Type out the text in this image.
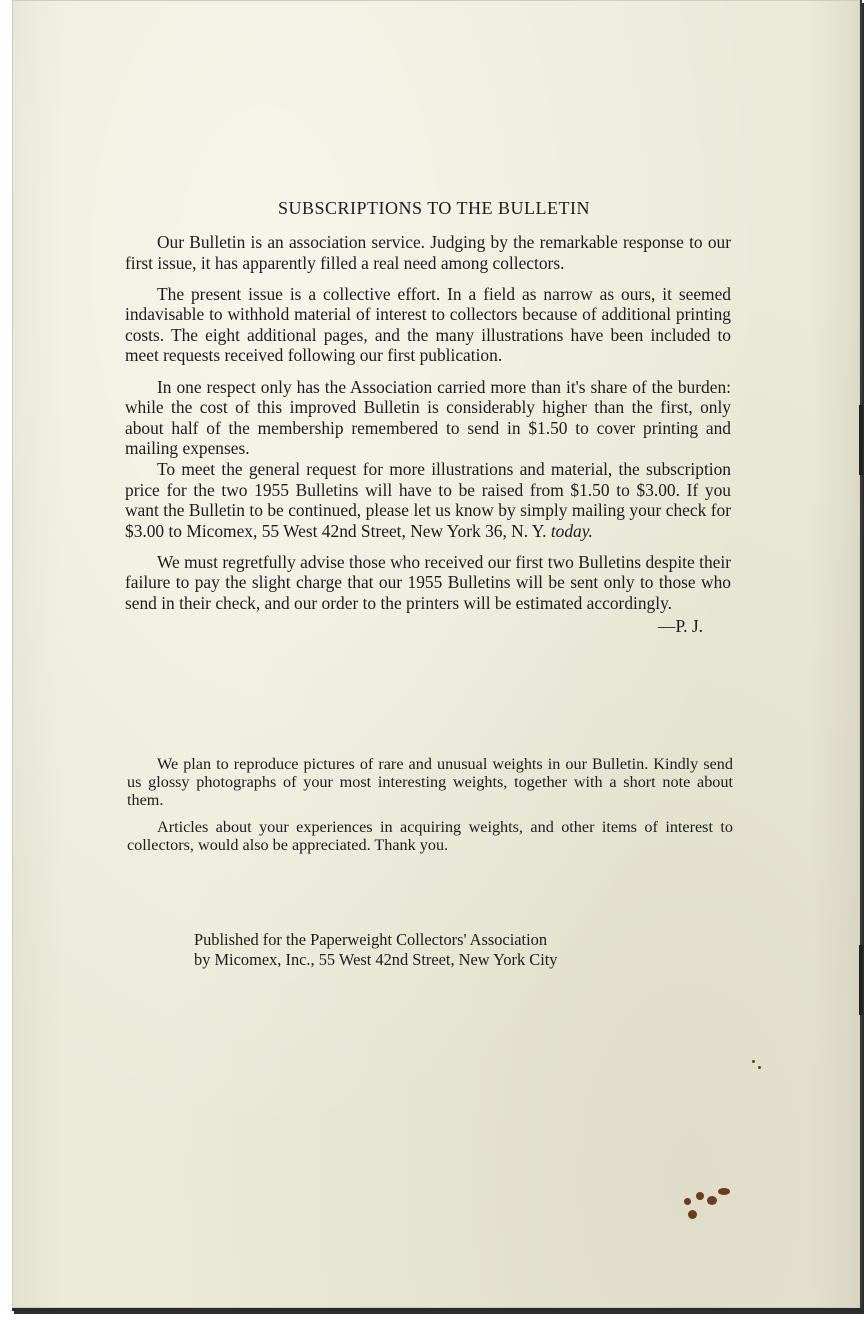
SUBSCRIPTIONS TO THE BULLETIN

Our Bulletin is an association service. Judging by the remarkable response to our first issue, it has apparently filled a real need among collectors.

The present issue is a collective effort. In a field as narrow as ours, it seemed indavisable to withhold material of interest to collectors because of additional printing costs. The eight additional pages, and the many illustrations have been included to meet requests received following our first publication.

In one respect only has the Association carried more than it's share of the burden: while the cost of this improved Bulletin is considerably higher than the first, only about half of the membership remembered to send in $1.50 to cover printing and mailing expenses.

To meet the general request for more illustrations and material, the subscription price for the two 1955 Bulletins will have to be raised from $1.50 to $3.00. If you want the Bulletin to be continued, please let us know by simply mailing your check for $3.00 to Micomex, 55 West 42nd Street, New York 36, N. Y. today.

We must regretfully advise those who received our first two Bulletins despite their failure to pay the slight charge that our 1955 Bulletins will be sent only to those who send in their check, and our order to the printers will be estimated accordingly.

—P. J.

We plan to reproduce pictures of rare and unusual weights in our Bulletin. Kindly send us glossy photographs of your most interesting weights, together with a short note about them.

Articles about your experiences in acquiring weights, and other items of interest to collectors, would also be appreciated. Thank you.

Published for the Paperweight Collectors' Association
by Micomex, Inc., 55 West 42nd Street, New York City
